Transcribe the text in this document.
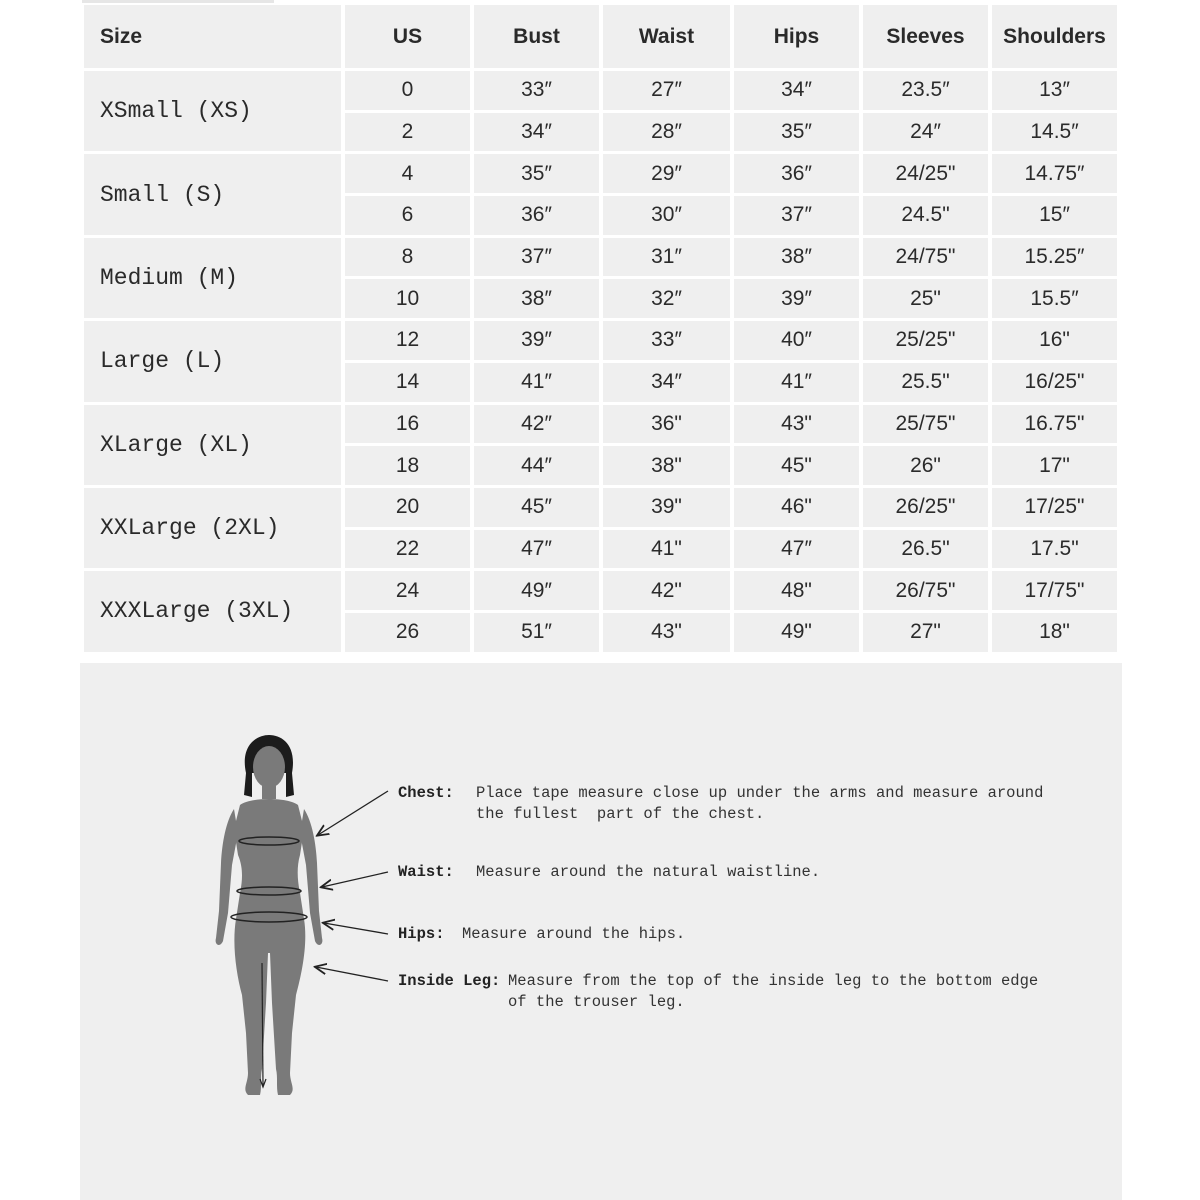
Size	US	Bust	Waist	Hips	Sleeves	Shoulders
XSmall (XS)	0	33″	27″	34″	23.5″	13″
	2	34″	28″	35″	24″	14.5″
Small (S)	4	35″	29″	36″	24/25"	14.75″
	6	36″	30″	37″	24.5"	15″
Medium (M)	8	37″	31″	38″	24/75"	15.25″
	10	38″	32″	39″	25"	15.5″
Large (L)	12	39″	33″	40″	25/25"	16"
	14	41″	34″	41″	25.5"	16/25"
XLarge (XL)	16	42″	36"	43"	25/75"	16.75"
	18	44″	38"	45"	26"	17"
XXLarge (2XL)	20	45″	39"	46"	26/25"	17/25"
	22	47″	41"	47″	26.5"	17.5"
XXXLarge (3XL)	24	49″	42"	48"	26/75"	17/75"
	26	51″	43"	49"	27"	18"
Chest: Place tape measure close up under the arms and measure around
the fullest  part of the chest.
Waist: Measure around the natural waistline.
Hips: Measure around the hips.
Inside Leg: Measure from the top of the inside leg to the bottom edge
of the trouser leg.
